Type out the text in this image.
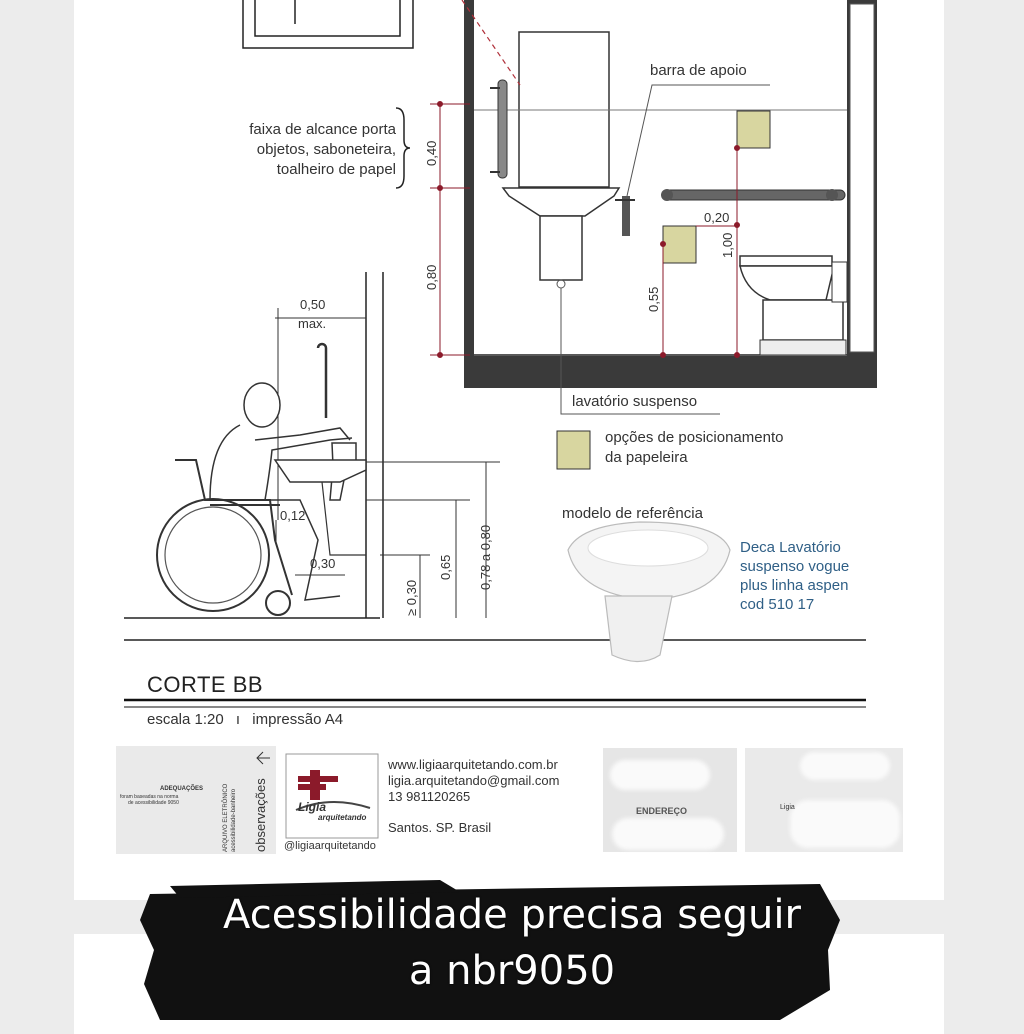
barra de apoio
faixa de alcance porta
objetos, saboneteira,
toalheiro de papel
lavatório suspenso
opções de posicionamento
da papeleira
modelo de referência
Deca Lavatório
suspenso vogue
plus linha aspen
cod 510 17
0,40
0,80
0,55
1,00
0,20
0,50
max.
0,12
0,30
≥ 0,30
0,65 0,78 a 0,80
CORTE BB
escala 1:20 ı impressão A4
ADEQUAÇÕES
foram baseadas na norma
de acessibilidade 9050	ARQUIVO ELETRÔNICO acessibilidade-banheiro observações	Ligia
arquitetando
@ligiaarquitetando
www.ligiaarquitetando.com.br
ligia.arquitetando@gmail.com
13 981120265
Santos. SP. Brasil
ENDEREÇO	Ligia
Acessibilidade precisa seguir
a nbr9050
